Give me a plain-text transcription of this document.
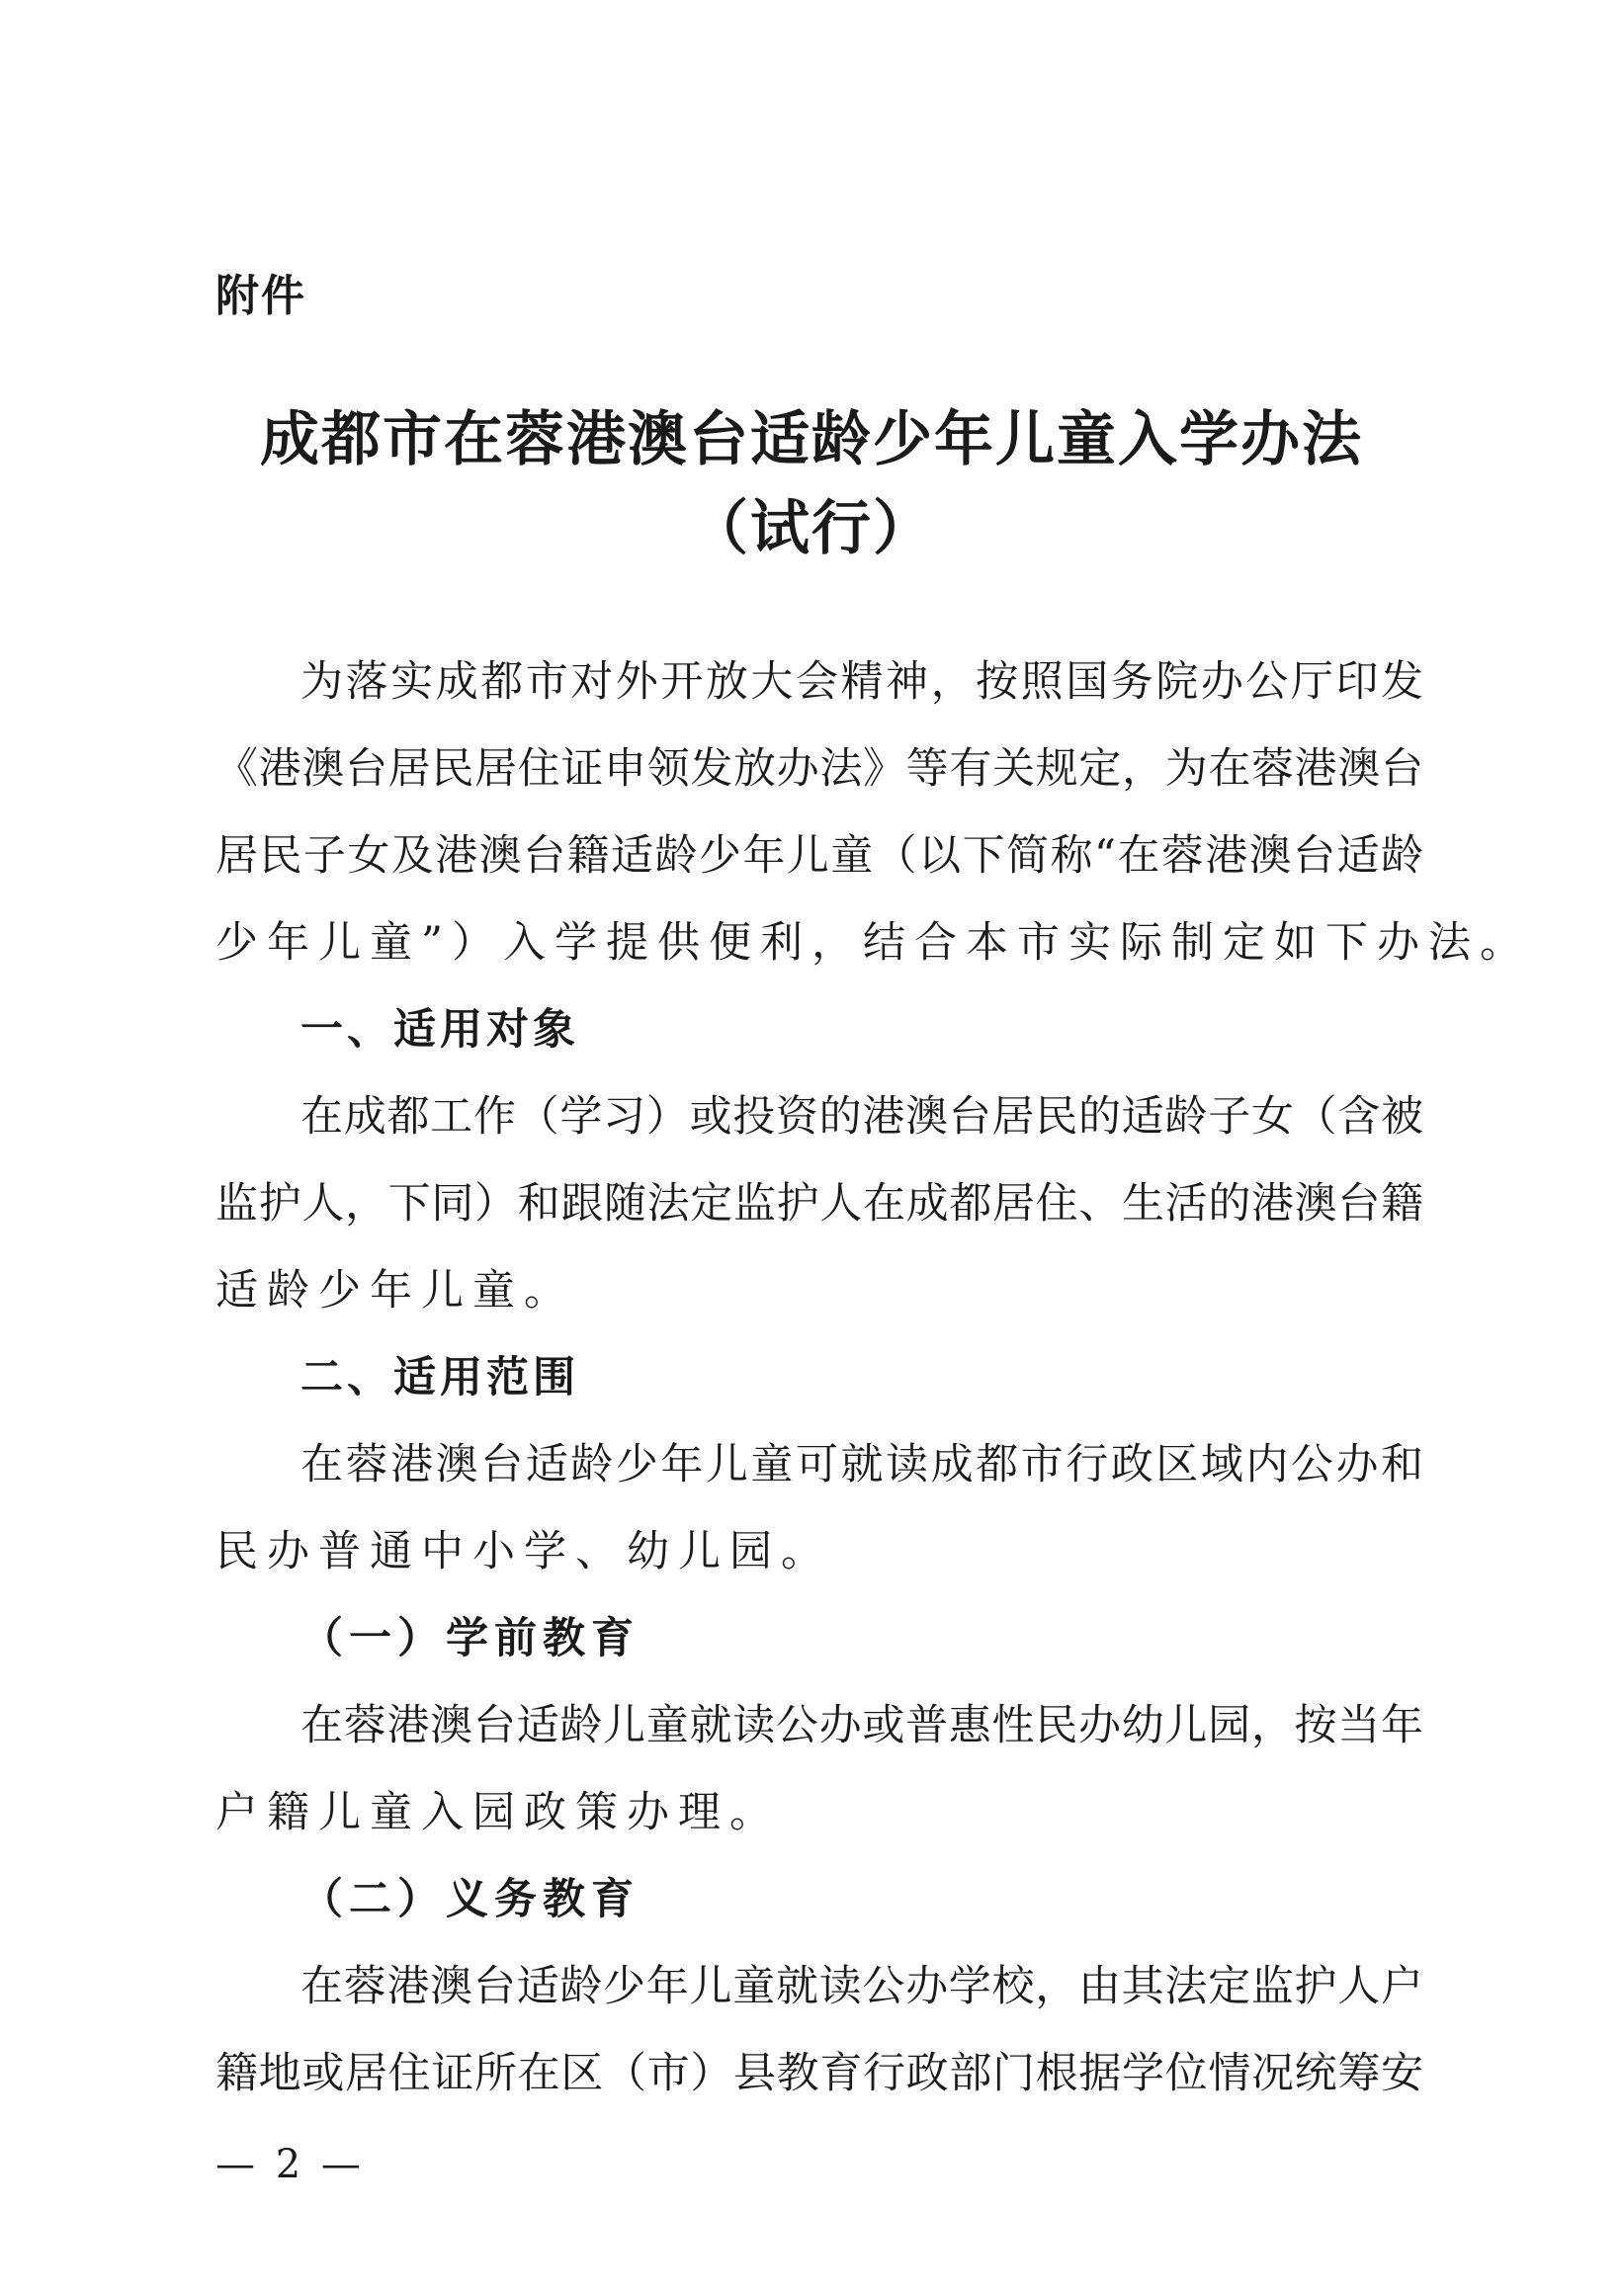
附件
成都市在蓉港澳台适龄少年儿童入学办法
（试行）
为落实成都市对外开放大会精神，按照国务院办公厅印发
《港澳台居民居住证申领发放办法》等有关规定，为在蓉港澳台
居民子女及港澳台籍适龄少年儿童（以下简称“在蓉港澳台适龄
少年儿童”）入学提供便利，结合本市实际制定如下办法。
一、适用对象
在成都工作（学习）或投资的港澳台居民的适龄子女（含被
监护人，下同）和跟随法定监护人在成都居住、生活的港澳台籍
适龄少年儿童。
二、适用范围
在蓉港澳台适龄少年儿童可就读成都市行政区域内公办和
民办普通中小学、幼儿园。
（一）学前教育
在蓉港澳台适龄儿童就读公办或普惠性民办幼儿园，按当年
户籍儿童入园政策办理。
（二）义务教育
在蓉港澳台适龄少年儿童就读公办学校，由其法定监护人户
籍地或居住证所在区（市）县教育行政部门根据学位情况统筹安
— 2 —
